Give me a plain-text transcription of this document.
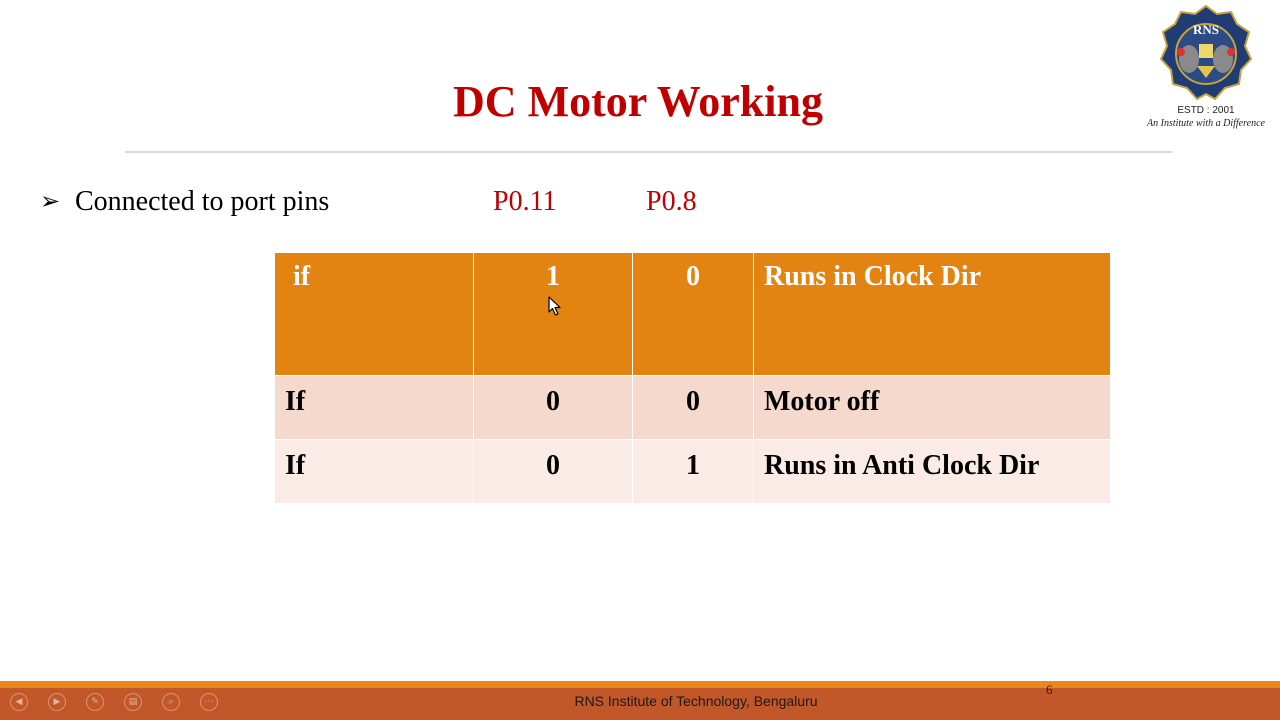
DC Motor Working
RNS
ESTD : 2001
An Institute with a Difference
➢ Connected to port pins	P0.11	P0.8
if	1	0	Runs in Clock Dir

If	0	0	Motor off

If	0	1	Runs in Anti Clock Dir
RNS Institute of Technology, Bengaluru
6
◀	▶	✎	▤	⌕	⋯
